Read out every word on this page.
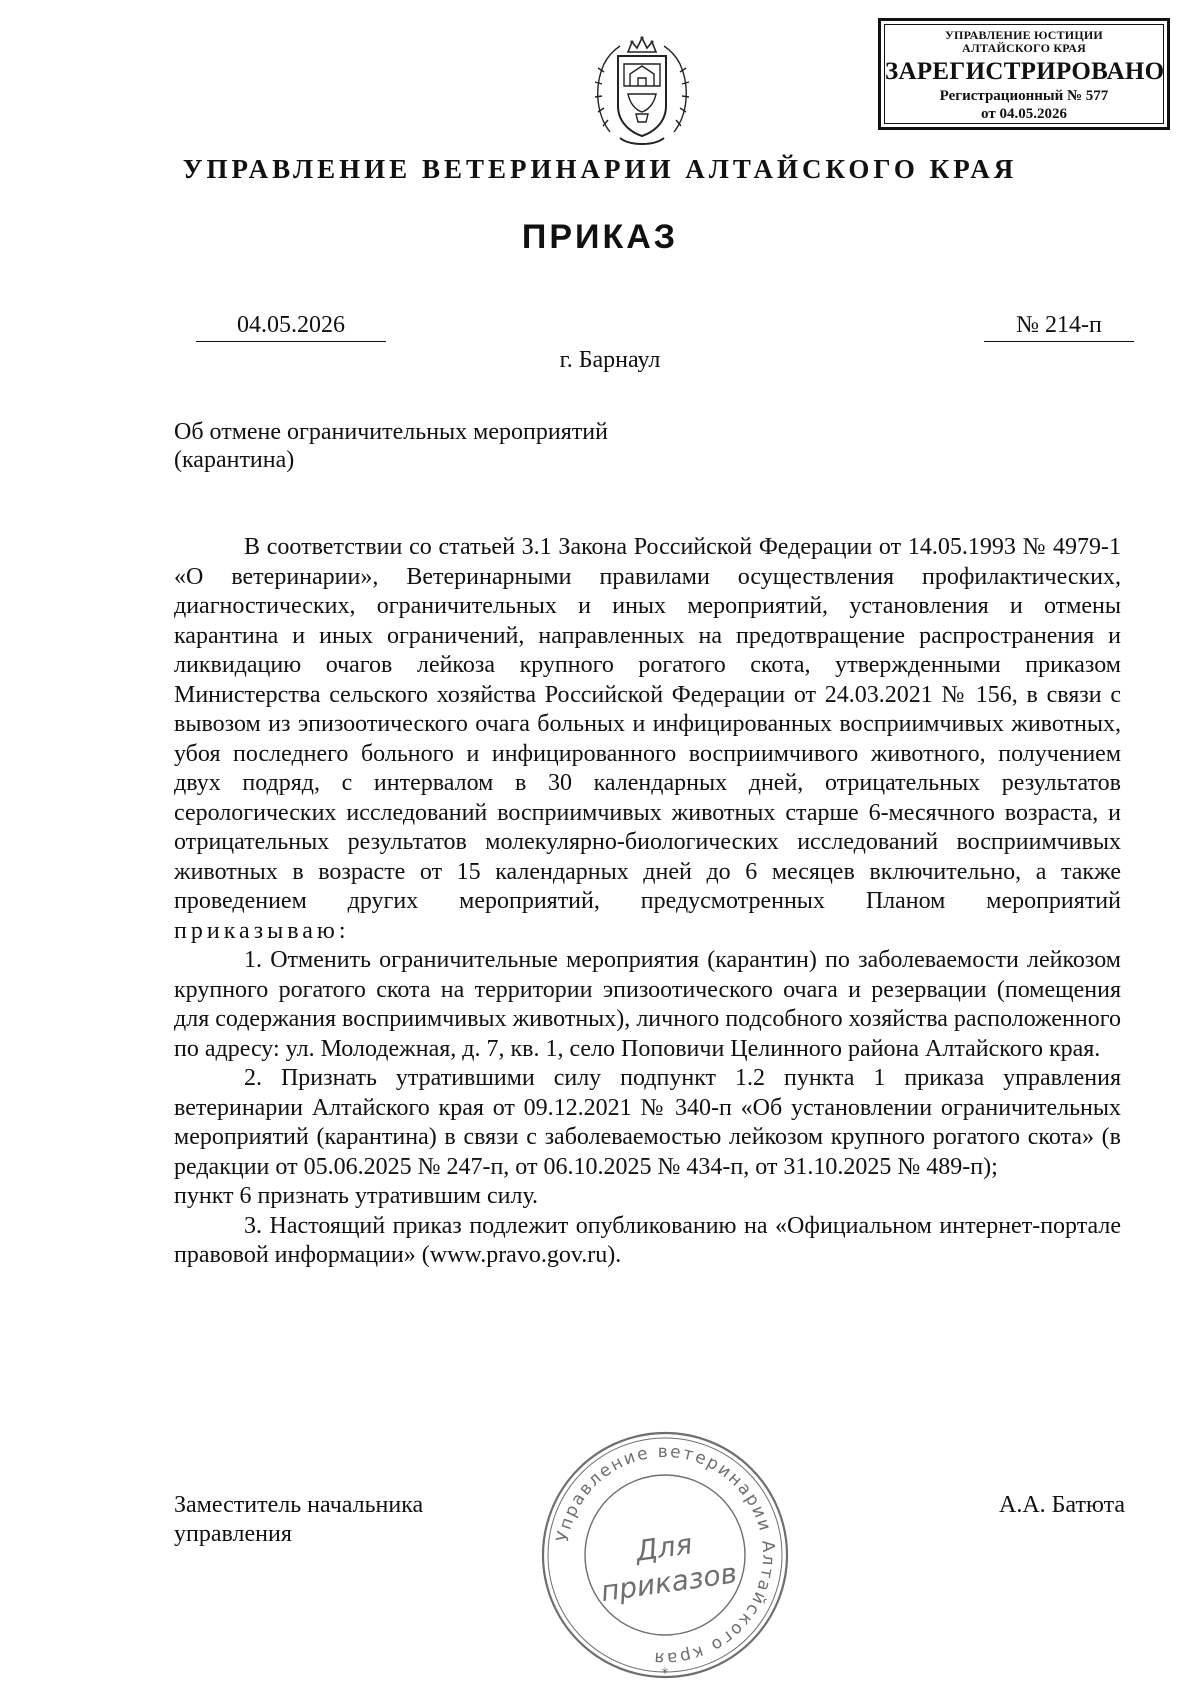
УПРАВЛЕНИЕ ЮСТИЦИИ
АЛТАЙСКОГО КРАЯ
ЗАРЕГИСТРИРОВАНО
Регистрационный № 577
от 04.05.2026
УПРАВЛЕНИЕ ВЕТЕРИНАРИИ АЛТАЙСКОГО КРАЯ
ПРИКАЗ
04.05.2026	№ 214-п
г. Барнаул
Об отмене ограничительных мероприятий
(карантина)

В соответствии со статьей 3.1 Закона Российской Федерации от 14.05.1993 № 4979-1 «О ветеринарии», Ветеринарными правилами осуществления профилактических, диагностических, ограничительных и иных мероприятий, установления и отмены карантина и иных ограничений, направленных на предотвращение распространения и ликвидацию очагов лейкоза крупного рогатого скота, утвержденными приказом Министерства сельского хозяйства Российской Федерации от 24.03.2021 № 156, в связи с вывозом из эпизоотического очага больных и инфицированных восприимчивых животных, убоя последнего больного и инфицированного восприимчивого животного, получением двух подряд, с интервалом в 30 календарных дней, отрицательных результатов серологических исследований восприимчивых животных старше 6-месячного возраста, и отрицательных результатов молекулярно-биологических исследований восприимчивых животных в возрасте от 15 календарных дней до 6 месяцев включительно, а также проведением других мероприятий, предусмотренных Планом мероприятий приказываю:

1. Отменить ограничительные мероприятия (карантин) по заболеваемости лейкозом крупного рогатого скота на территории эпизоотического очага и резервации (помещения для содержания восприимчивых животных), личного подсобного хозяйства расположенного по адресу: ул. Молодежная, д. 7, кв. 1, село Поповичи Целинного района Алтайского края.

2. Признать утратившими силу подпункт 1.2 пункта 1 приказа управления ветеринарии Алтайского края от 09.12.2021 № 340-п «Об установлении ограничительных мероприятий (карантина) в связи с заболеваемостью лейкозом крупного рогатого скота» (в редакции от 05.06.2025 № 247-п, от 06.10.2025 № 434-п, от 31.10.2025 № 489-п);

пункт 6 признать утратившим силу.

3. Настоящий приказ подлежит опубликованию на «Официальном интернет-портале правовой информации» (www.pravo.gov.ru).

Управление ветеринарии Алтайского края
Для
приказов
*
Заместитель начальника
управления
А.А. Батюта
